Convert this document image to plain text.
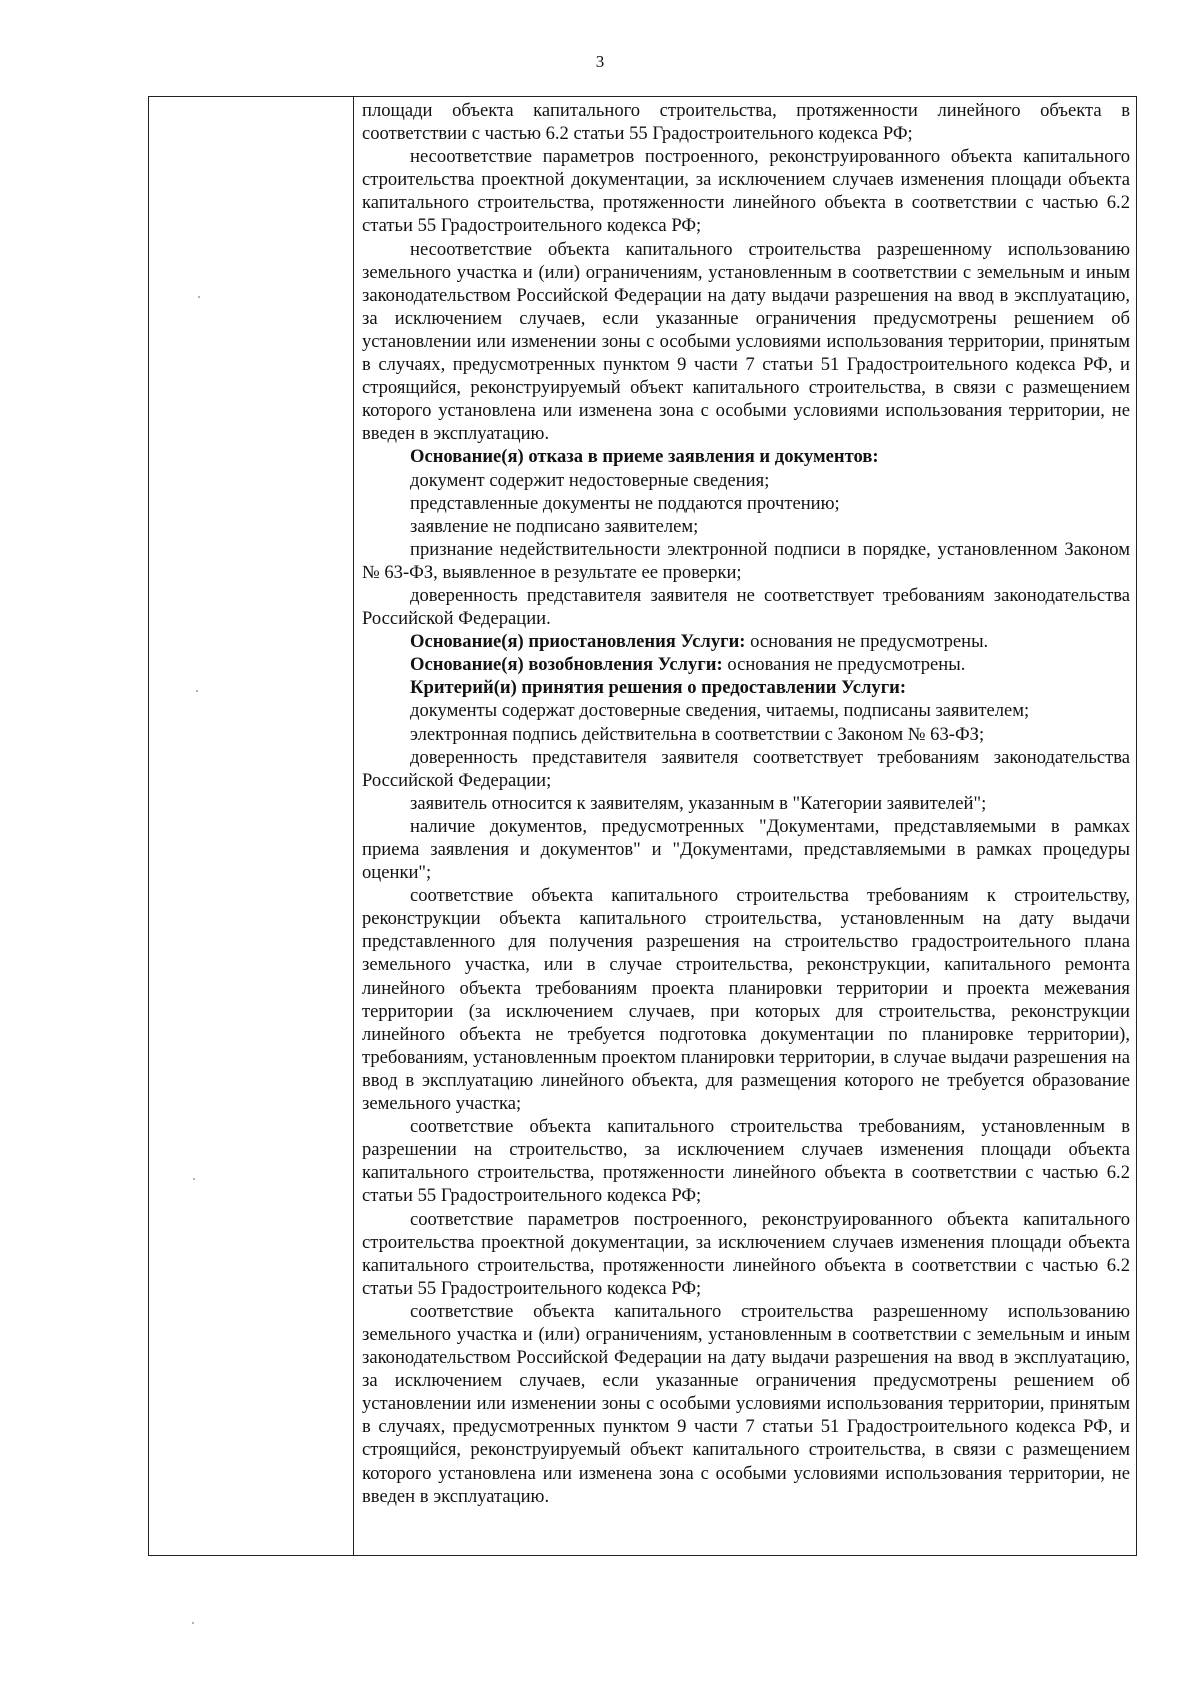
3

площади объекта капитального строительства, протяженности линейного объекта в соответствии с частью 6.2 статьи 55 Градостроительного кодекса РФ;

несоответствие параметров построенного, реконструированного объекта капитального строительства проектной документации, за исключением случаев изменения площади объекта капитального строительства, протяженности линейного объекта в соответствии с частью 6.2 статьи 55 Градостроительного кодекса РФ;

несоответствие объекта капитального строительства разрешенному использованию земельного участка и (или) ограничениям, установленным в соответствии с земельным и иным законодательством Российской Федерации на дату выдачи разрешения на ввод в эксплуатацию, за исключением случаев, если указанные ограничения предусмотрены решением об установлении или изменении зоны с особыми условиями использования территории, принятым в случаях, предусмотренных пунктом 9 части 7 статьи 51 Градостроительного кодекса РФ, и строящийся, реконструируемый объект капитального строительства, в связи с размещением которого установлена или изменена зона с особыми условиями использования территории, не введен в эксплуатацию.

Основание(я) отказа в приеме заявления и документов:

документ содержит недостоверные сведения;

представленные документы не поддаются прочтению;

заявление не подписано заявителем;

признание недействительности электронной подписи в порядке, установленном Законом № 63-ФЗ, выявленное в результате ее проверки;

доверенность представителя заявителя не соответствует требованиям законодательства Российской Федерации.

Основание(я) приостановления Услуги: основания не предусмотрены.

Основание(я) возобновления Услуги: основания не предусмотрены.

Критерий(и) принятия решения о предоставлении Услуги:

документы содержат достоверные сведения, читаемы, подписаны заявителем;

электронная подпись действительна в соответствии с Законом № 63-ФЗ;

доверенность представителя заявителя соответствует требованиям законодательства Российской Федерации;

заявитель относится к заявителям, указанным в "Категории заявителей";

наличие документов, предусмотренных "Документами, представляемыми в рамках приема заявления и документов" и "Документами, представляемыми в рамках процедуры оценки";

соответствие объекта капитального строительства требованиям к строительству, реконструкции объекта капитального строительства, установленным на дату выдачи представленного для получения разрешения на строительство градостроительного плана земельного участка, или в случае строительства, реконструкции, капитального ремонта линейного объекта требованиям проекта планировки территории и проекта межевания территории (за исключением случаев, при которых для строительства, реконструкции линейного объекта не требуется подготовка документации по планировке территории), требованиям, установленным проектом планировки территории, в случае выдачи разрешения на ввод в эксплуатацию линейного объекта, для размещения которого не требуется образование земельного участка;

соответствие объекта капитального строительства требованиям, установленным в разрешении на строительство, за исключением случаев изменения площади объекта капитального строительства, протяженности линейного объекта в соответствии с частью 6.2 статьи 55 Градостроительного кодекса РФ;

соответствие параметров построенного, реконструированного объекта капитального строительства проектной документации, за исключением случаев изменения площади объекта капитального строительства, протяженности линейного объекта в соответствии с частью 6.2 статьи 55 Градостроительного кодекса РФ;

соответствие объекта капитального строительства разрешенному использованию земельного участка и (или) ограничениям, установленным в соответствии с земельным и иным законодательством Российской Федерации на дату выдачи разрешения на ввод в эксплуатацию, за исключением случаев, если указанные ограничения предусмотрены решением об установлении или изменении зоны с особыми условиями использования территории, принятым в случаях, предусмотренных пунктом 9 части 7 статьи 51 Градостроительного кодекса РФ, и строящийся, реконструируемый объект капитального строительства, в связи с размещением которого установлена или изменена зона с особыми условиями использования территории, не введен в эксплуатацию.
